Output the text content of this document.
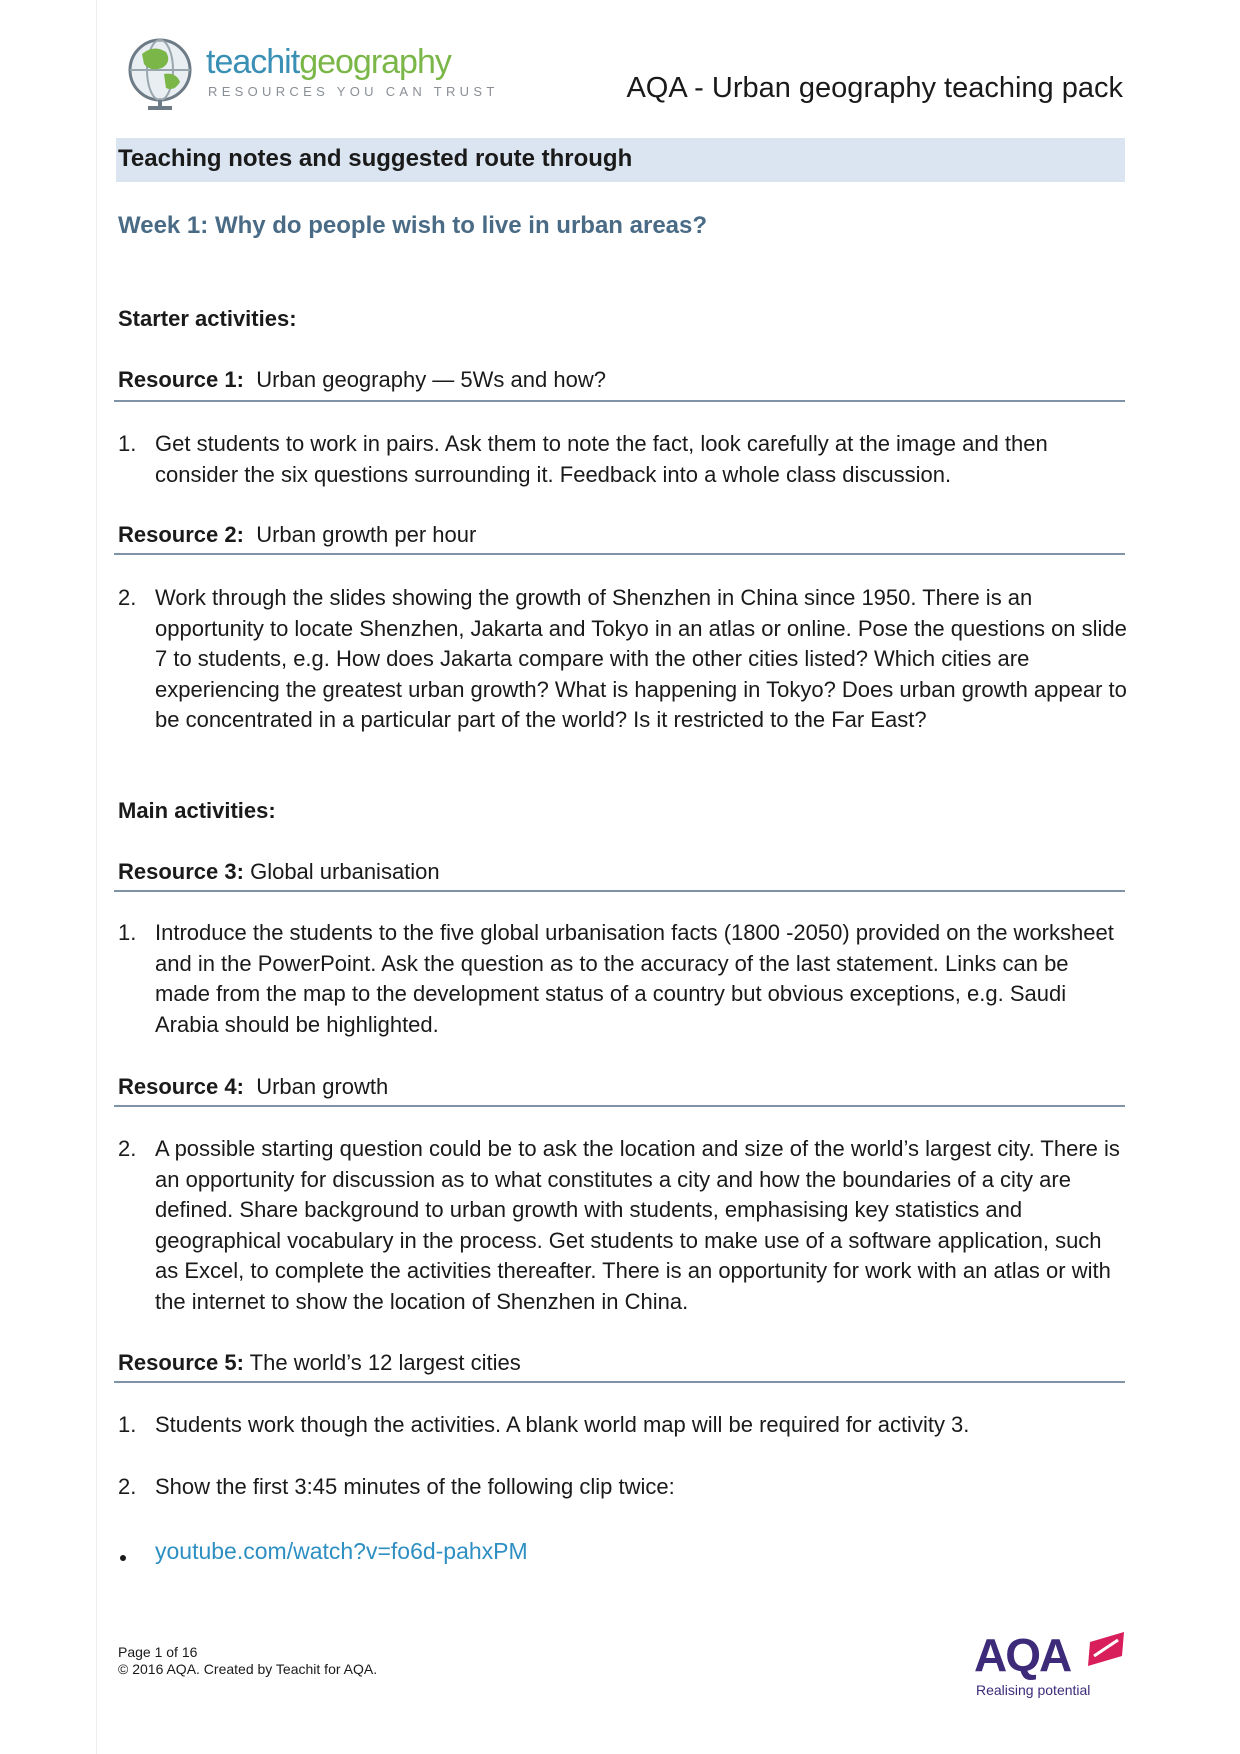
teachitgeography
RESOURCES YOU CAN TRUST	AQA - Urban geography teaching pack
Teaching notes and suggested route through
Week 1: Why do people wish to live in urban areas?
Starter activities:
Resource 1: Urban geography — 5Ws and how?
1. Get students to work in pairs. Ask them to note the fact, look carefully at the image and then consider the six questions surrounding it. Feedback into a whole class discussion.
Resource 2: Urban growth per hour
2. Work through the slides showing the growth of Shenzhen in China since 1950. There is an opportunity to locate Shenzhen, Jakarta and Tokyo in an atlas or online. Pose the questions on slide 7 to students, e.g. How does Jakarta compare with the other cities listed? Which cities are experiencing the greatest urban growth? What is happening in Tokyo? Does urban growth appear to be concentrated in a particular part of the world? Is it restricted to the Far East?
Main activities:
Resource 3: Global urbanisation
1. Introduce the students to the five global urbanisation facts (1800 -2050) provided on the worksheet and in the PowerPoint. Ask the question as to the accuracy of the last statement. Links can be made from the map to the development status of a country but obvious exceptions, e.g. Saudi Arabia should be highlighted.
Resource 4: Urban growth
2. A possible starting question could be to ask the location and size of the world’s largest city. There is an opportunity for discussion as to what constitutes a city and how the boundaries of a city are defined. Share background to urban growth with students, emphasising key statistics and geographical vocabulary in the process. Get students to make use of a software application, such as Excel, to complete the activities thereafter. There is an opportunity for work with an atlas or with the internet to show the location of Shenzhen in China.
Resource 5: The world’s 12 largest cities
1. Students work though the activities. A blank world map will be required for activity 3.
2. Show the first 3:45 minutes of the following clip twice:
youtube.com/watch?v=fo6d-pahxPM
Page 1 of 16
© 2016 AQA. Created by Teachit for AQA.	AQA
Realising potential
